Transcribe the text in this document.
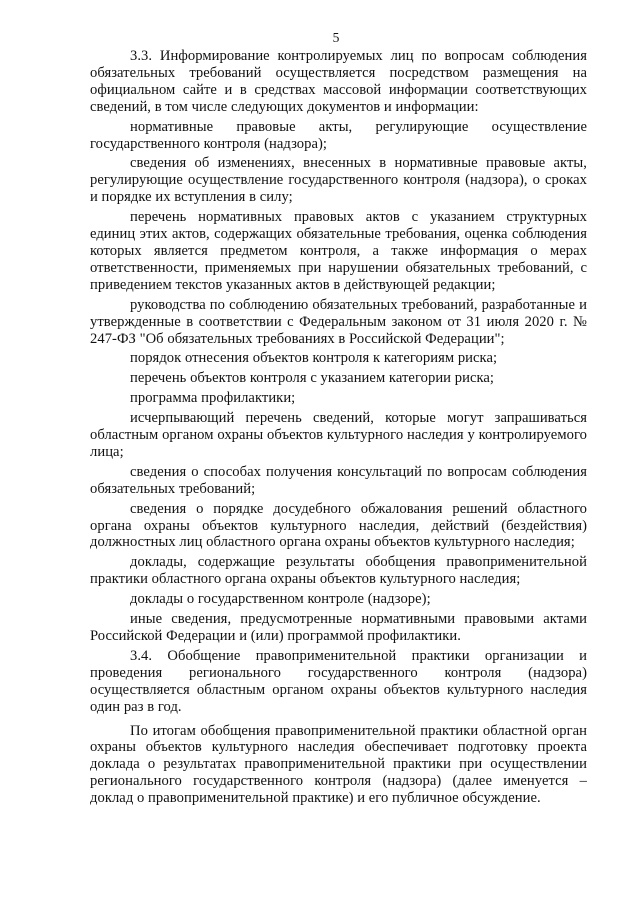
5

3.3. Информирование контролируемых лиц по вопросам соблюдения обязательных требований осуществляется посредством размещения на официальном сайте и в средствах массовой информации соответствующих сведений, в том числе следующих документов и информации:

нормативные правовые акты, регулирующие осуществление государственного контроля (надзора);

сведения об изменениях, внесенных в нормативные правовые акты, регулирующие осуществление государственного контроля (надзора), о сроках и порядке их вступления в силу;

перечень нормативных правовых актов с указанием структурных единиц этих актов, содержащих обязательные требования, оценка соблюдения которых является предметом контроля, а также информация о мерах ответственности, применяемых при нарушении обязательных требований, с приведением текстов указанных актов в действующей редакции;

руководства по соблюдению обязательных требований, разработанные и утвержденные в соответствии с Федеральным законом от 31 июля 2020 г. № 247-ФЗ "Об обязательных требованиях в Российской Федерации";

порядок отнесения объектов контроля к категориям риска;

перечень объектов контроля с указанием категории риска;

программа профилактики;

исчерпывающий перечень сведений, которые могут запрашиваться областным органом охраны объектов культурного наследия у контролируемого лица;

сведения о способах получения консультаций по вопросам соблюдения обязательных требований;

сведения о порядке досудебного обжалования решений областного органа охраны объектов культурного наследия, действий (бездействия) должностных лиц областного органа охраны объектов культурного наследия;

доклады, содержащие результаты обобщения правоприменительной практики областного органа охраны объектов культурного наследия;

доклады о государственном контроле (надзоре);

иные сведения, предусмотренные нормативными правовыми актами Российской Федерации и (или) программой профилактики.

3.4. Обобщение правоприменительной практики организации и проведения регионального государственного контроля (надзора) осуществляется областным органом охраны объектов культурного наследия один раз в год.

По итогам обобщения правоприменительной практики областной орган охраны объектов культурного наследия обеспечивает подготовку проекта доклада о результатах правоприменительной практики при осуществлении регионального государственного контроля (надзора) (далее именуется – доклад о правоприменительной практике) и его публичное обсуждение.
